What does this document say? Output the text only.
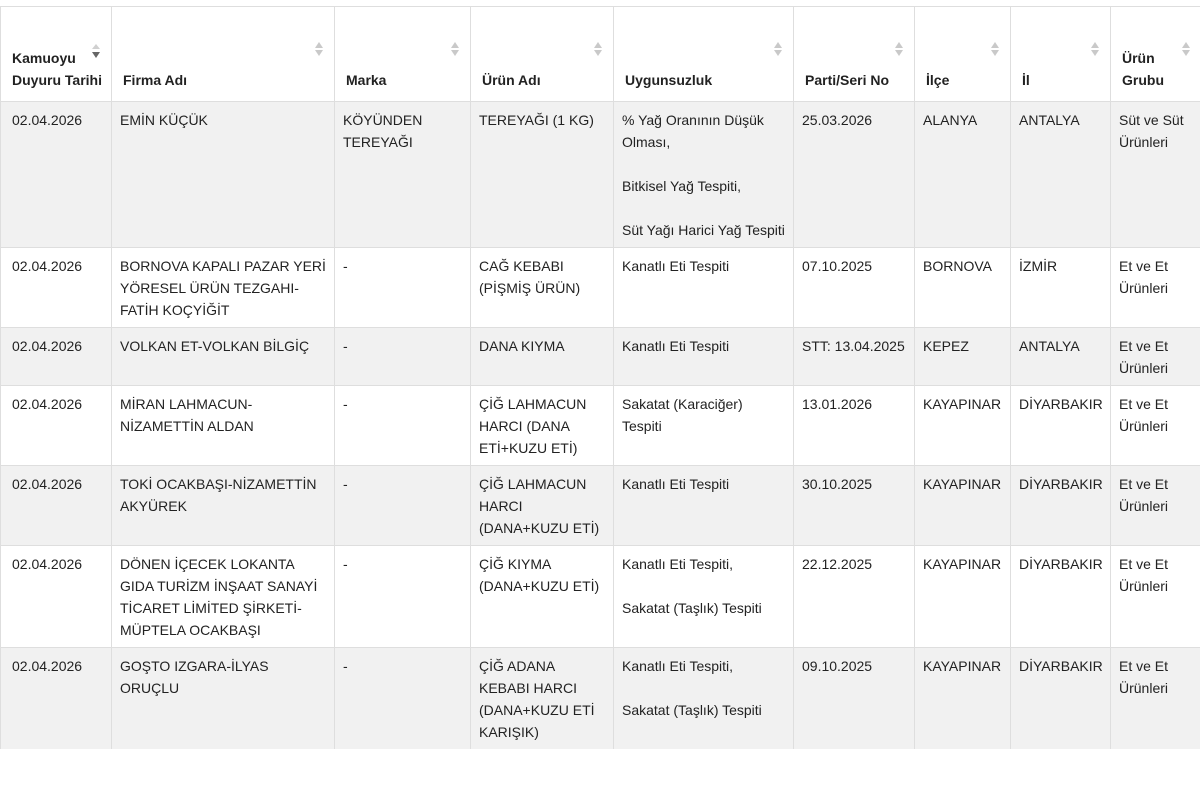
Kamuoyu Duyuru Tarihi	Firma Adı	Marka	Ürün Adı	Uygunsuzluk	Parti/Seri No	İlçe	İl	Ürün Grubu

02.04.2026	EMİN KÜÇÜK	KÖYÜNDEN TEREYAĞI	TEREYAĞI (1 KG)	% Yağ Oranının Düşük Olması,
Bitkisel Yağ Tespiti,
Süt Yağı Harici Yağ Tespiti	25.03.2026	ALANYA	ANTALYA	Süt ve Süt Ürünleri
02.04.2026	BORNOVA KAPALI PAZAR YERİ YÖRESEL ÜRÜN TEZGAHI-FATİH KOÇYİĞİT	-	CAĞ KEBABI (PİŞMİŞ ÜRÜN)	Kanatlı Eti Tespiti	07.10.2025	BORNOVA	İZMİR	Et ve Et Ürünleri
02.04.2026	VOLKAN ET-VOLKAN BİLGİÇ	-	DANA KIYMA	Kanatlı Eti Tespiti	STT: 13.04.2025	KEPEZ	ANTALYA	Et ve Et Ürünleri
02.04.2026	MİRAN LAHMACUN-NİZAMETTİN ALDAN	-	ÇİĞ LAHMACUN HARCI (DANA ETİ+KUZU ETİ)	Sakatat (Karaciğer) Tespiti	13.01.2026	KAYAPINAR	DİYARBAKIR	Et ve Et Ürünleri
02.04.2026	TOKİ OCAKBAŞI-NİZAMETTİN AKYÜREK	-	ÇİĞ LAHMACUN HARCI (DANA+KUZU ETİ)	Kanatlı Eti Tespiti	30.10.2025	KAYAPINAR	DİYARBAKIR	Et ve Et Ürünleri
02.04.2026	DÖNEN İÇECEK LOKANTA GIDA TURİZM İNŞAAT SANAYİ TİCARET LİMİTED ŞİRKETİ-MÜPTELA OCAKBAŞI	-	ÇİĞ KIYMA (DANA+KUZU ETİ)	Kanatlı Eti Tespiti,
Sakatat (Taşlık) Tespiti	22.12.2025	KAYAPINAR	DİYARBAKIR	Et ve Et Ürünleri
02.04.2026	GOŞTO IZGARA-İLYAS ORUÇLU	-	ÇİĞ ADANA KEBABI HARCI (DANA+KUZU ETİ KARIŞIK)	Kanatlı Eti Tespiti,
Sakatat (Taşlık) Tespiti	09.10.2025	KAYAPINAR	DİYARBAKIR	Et ve Et Ürünleri
